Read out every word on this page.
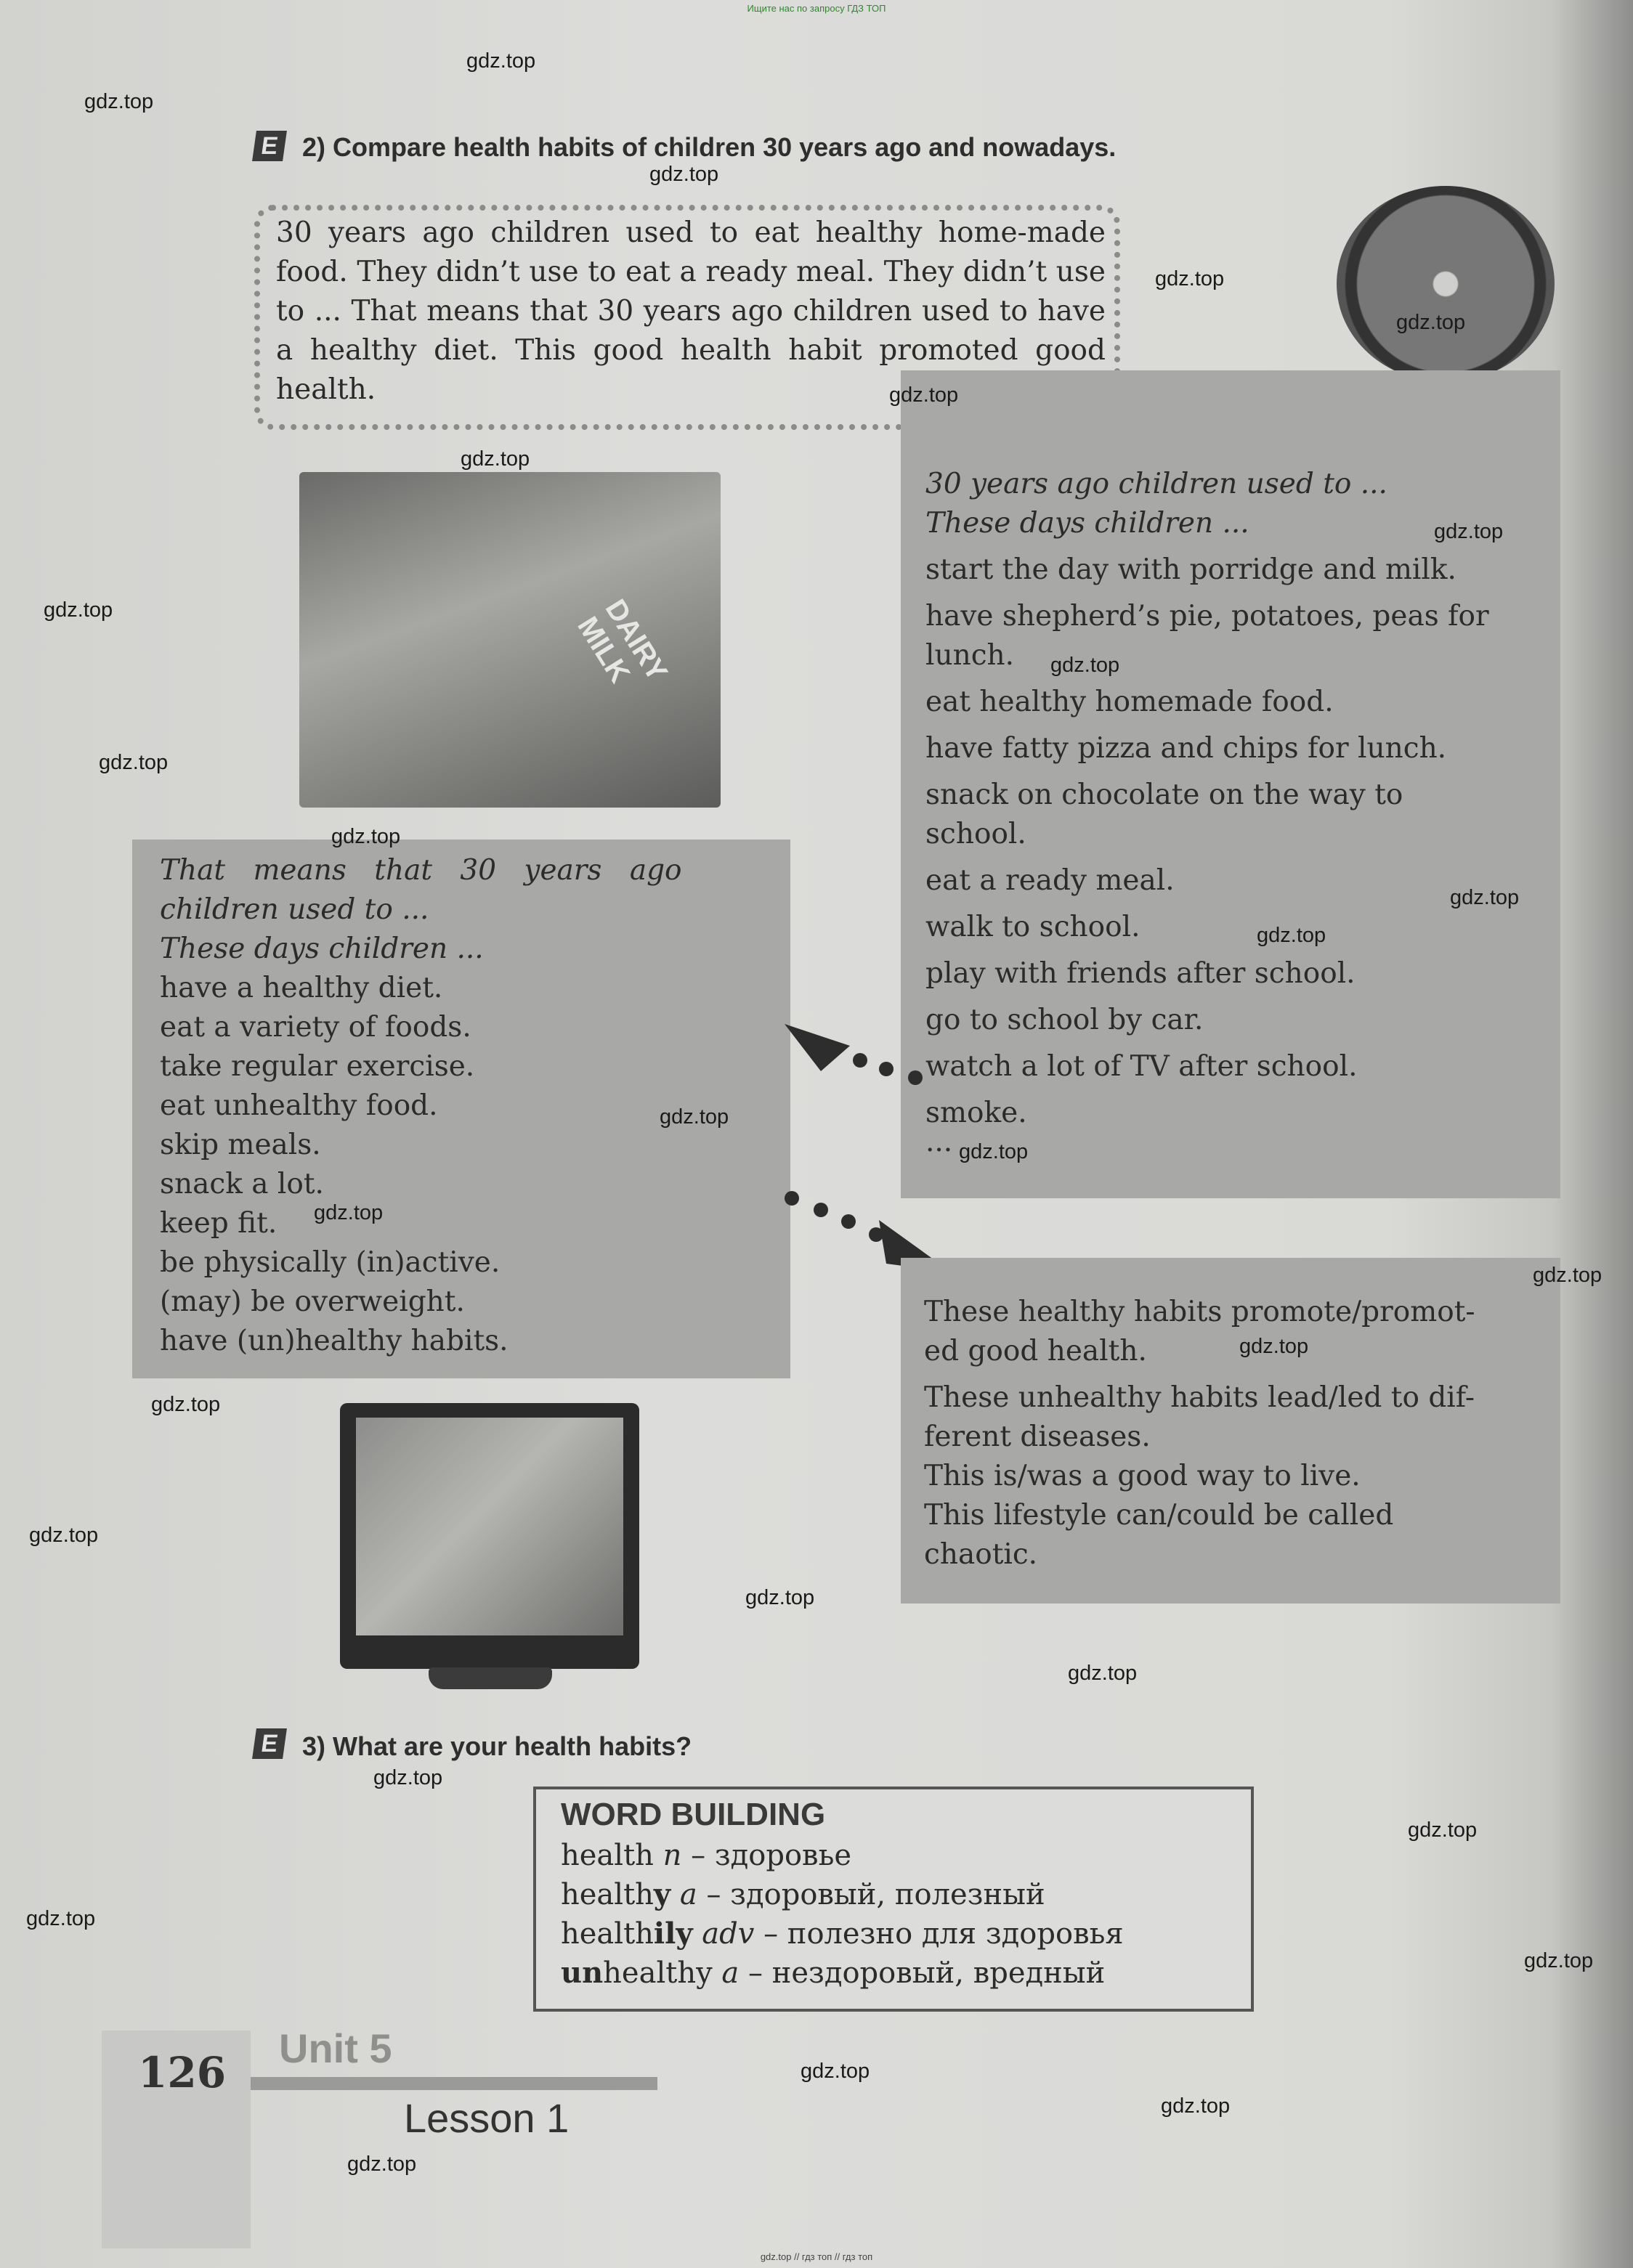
Ищите нас по запросу ГДЗ ТОП
E 2) Compare health habits of children 30 years ago and nowadays.
30 years ago children used to eat healthy home-made food. They didn’t use to eat a ready meal. They didn’t use to ... That means that 30 years ago children used to have a healthy diet. This good health habit promoted good health.
DAIRY MILK
30 years ago children used to ...
These days children ...
start the day with porridge and milk.
have shepherd’s pie, potatoes, peas for
lunch.
eat healthy homemade food.
have fatty pizza and chips for lunch.
snack on chocolate on the way to
school.
eat a ready meal.
walk to school.
play with friends after school.
go to school by car.
watch a lot of TV after school.
smoke.
...
That means that 30 years ago
children used to ...
These days children ...
have a healthy diet.
eat a variety of foods.
take regular exercise.
eat unhealthy food.
skip meals.
snack a lot.
keep fit.
be physically (in)active.
(may) be overweight.
have (un)healthy habits.
These healthy habits promote/promot-
ed good health.
These unhealthy habits lead/led to dif-
ferent diseases.
This is/was a good way to live.
This lifestyle can/could be called
chaotic.
E 3) What are your health habits?
WORD BUILDING
health n – здоровье
healthy a – здоровый, полезный
healthily adv – полезно для здоровья
unhealthy a – нездоровый, вредный
126 Unit 5
Lesson 1
gdz.top
gdz.top
gdz.top
gdz.top
gdz.top
gdz.top
gdz.top
gdz.top
gdz.top
gdz.top
gdz.top
gdz.top
gdz.top
gdz.top
gdz.top
gdz.top
gdz.top
gdz.top
gdz.top
gdz.top
gdz.top
gdz.top
gdz.top
gdz.top
gdz.top
gdz.top
gdz.top
gdz.top
gdz.top
gdz.top
gdz.top // гдз топ // гдз топ
